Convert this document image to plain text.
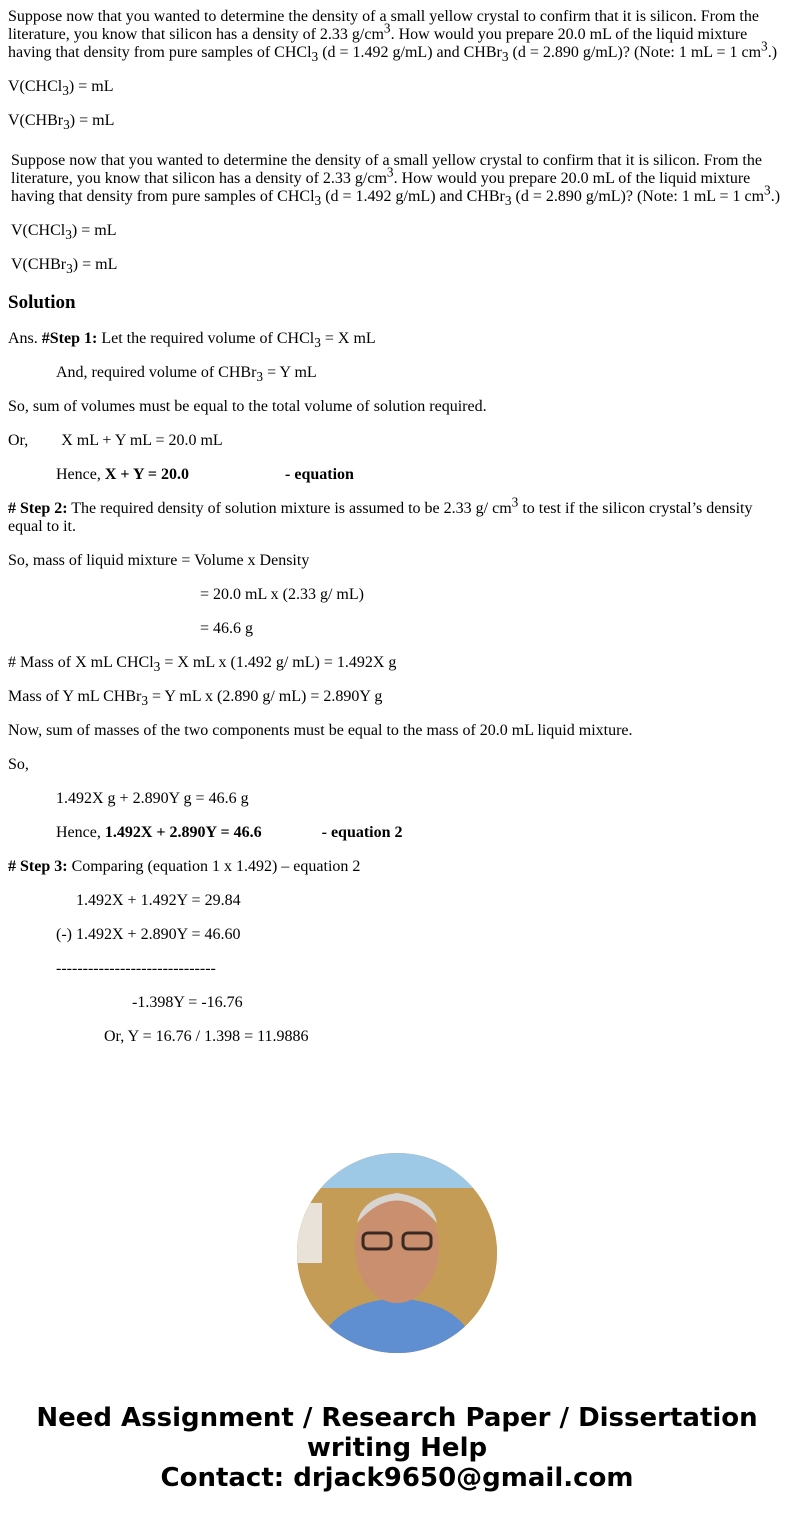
Suppose now that you wanted to determine the density of a small yellow crystal to confirm that it is silicon. From the literature, you know that silicon has a density of 2.33 $g/cm^3$. How would you prepare 20.0 mL of the liquid mixture having that density from pure samples of CHCl$_3$ (d = 1.492 g/mL) and CHBr$_3$ (d = 2.890 g/mL)? (Note: 1 mL = 1 $cm^3$.)

V(CHCl$_3$) = mL

V(CHBr$_3$) = mL

Suppose now that you wanted to determine the density of a small yellow crystal to confirm that it is silicon. From the literature, you know that silicon has a density of 2.33 $g/cm^3$. How would you prepare 20.0 mL of the liquid mixture having that density from pure samples of CHCl$_3$ (d = 1.492 g/mL) and CHBr$_3$ (d = 2.890 g/mL)? (Note: 1 mL = 1 $cm^3$.)

V(CHCl$_3$) = mL

V(CHBr$_3$) = mL

Solution

Ans. #Step 1: Let the required volume of CHCl$_3$ = X mL

And, required volume of CHBr$_3$ = Y mL

So, sum of volumes must be equal to the total volume of solution required.

Or, X mL + Y mL = 20.0 mL

Hence, X + Y = 20.0	- equation

# Step 2: The required density of solution mixture is assumed to be 2.33 g/ $cm^3$ to test if the silicon crystal’s density equal to it.

So, mass of liquid mixture = Volume x Density

= 20.0 mL x (2.33 g/ mL)

= 46.6 g

# Mass of X mL CHCl$_3$ = X mL x (1.492 g/ mL) = 1.492X g

Mass of Y mL CHBr$_3$ = Y mL x (2.890 g/ mL) = 2.890Y g

Now, sum of masses of the two components must be equal to the mass of 20.0 mL liquid mixture.

So,

1.492X g + 2.890Y g = 46.6 g

Hence, 1.492X + 2.890Y = 46.6	- equation 2

# Step 3: Comparing (equation 1 x 1.492) – equation 2

1.492X + 1.492Y = 29.84

(-) 1.492X + 2.890Y = 46.60

------------------------------

-1.398Y = -16.76

Or, Y = 16.76 / 1.398 = 11.9886

Need Assignment / Research Paper / Dissertation writing Help
Contact: drjack9650@gmail.com
